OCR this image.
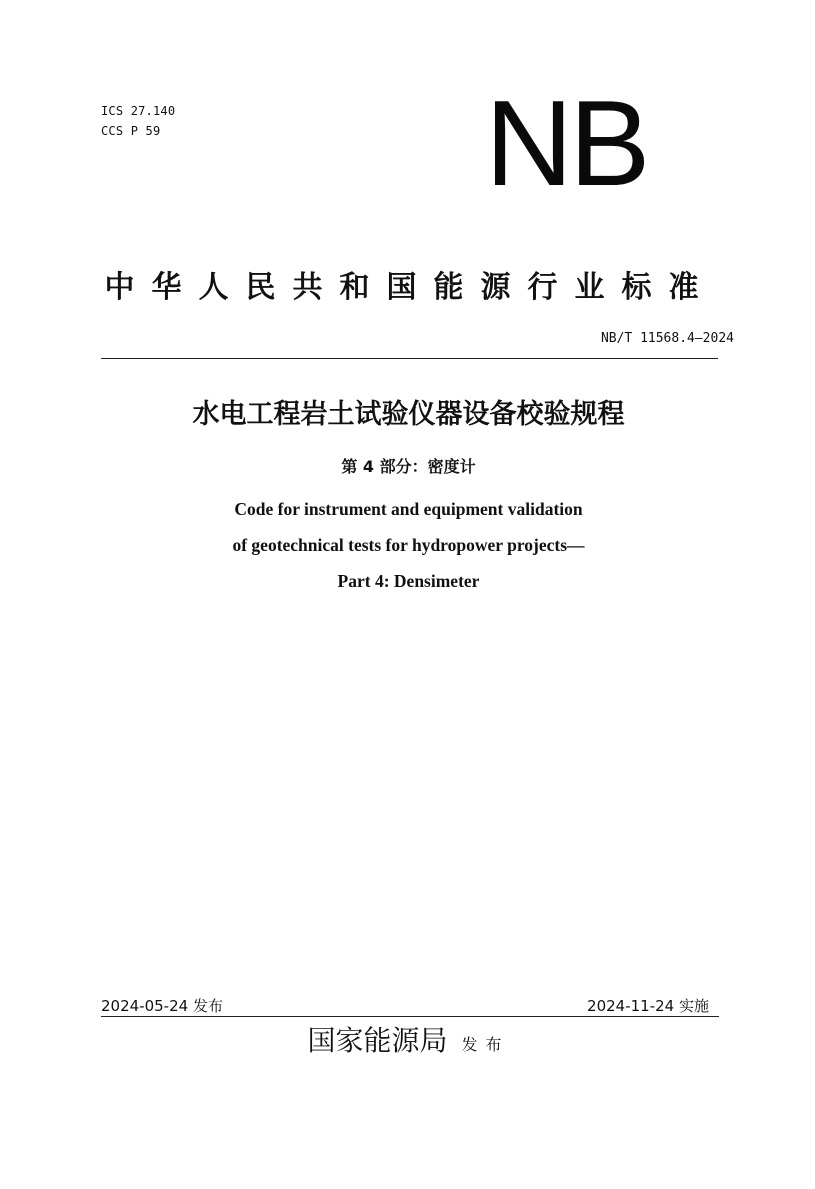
ICS 27.140
CCS P 59	NB
中华人民共和国能源行业标准
NB/T 11568.4—2024
水电工程岩土试验仪器设备校验规程
第 4 部分：密度计
Code for instrument and equipment validation
of geotechnical tests for hydropower projects—
Part 4: Densimeter
2024-05-24 发布	2024-11-24 实施
国家能源局 发布
